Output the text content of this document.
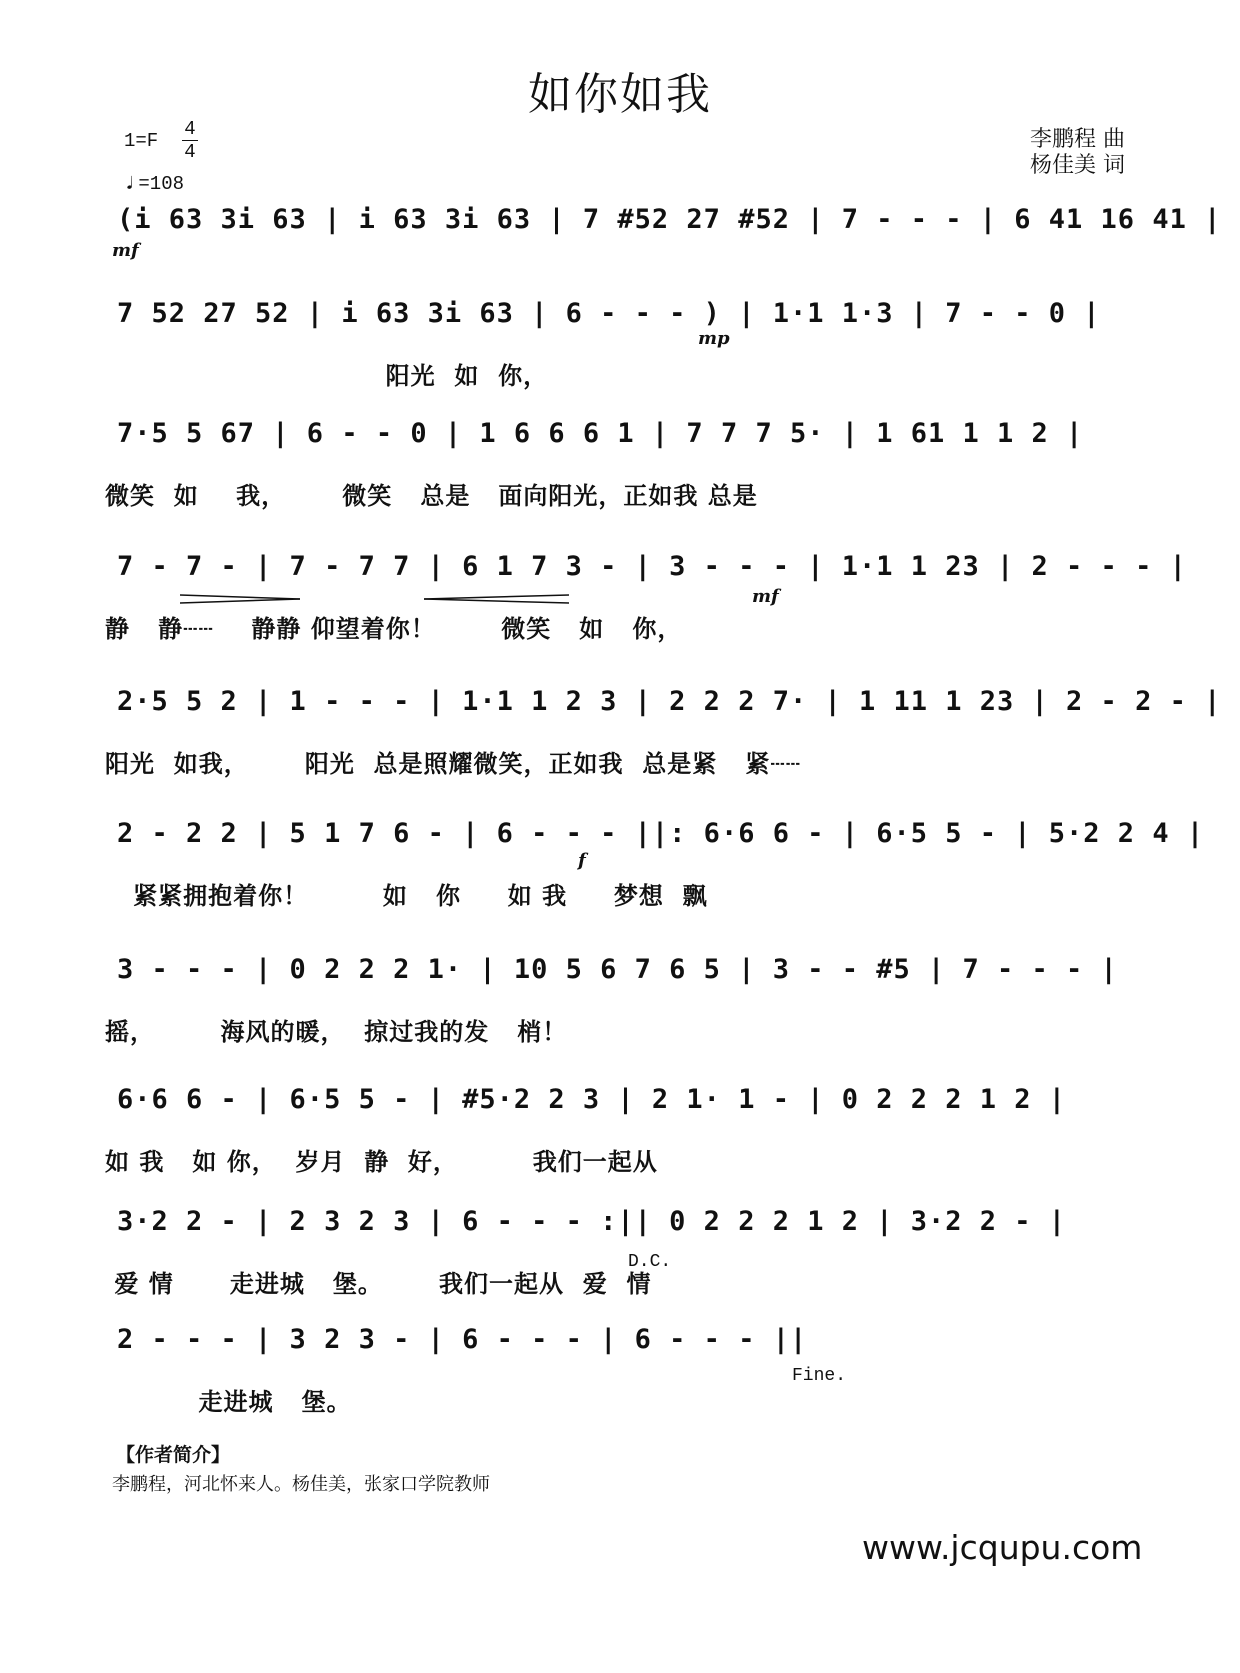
如你如我
1=F
4
4
♩=108
李鹏程 曲
杨佳美 词
(i 63 3i 63 | i 63 3i 63 | 7 #52 27 #52 | 7 - - - | 6 41 16 41 |
mf
7 52 27 52 | i 63 3i 63 | 6 - - - ) | 1·1 1·3 | 7 - - 0 |
阳光  如  你，
mp
7·5 5 67 | 6 - - 0 | 1 6 6 6 1 | 7 7 7 5· | 1 61 1 1 2 |
微笑  如    我，      微笑   总是   面向阳光，正如我 总是
7 - 7 - | 7 - 7 7 | 6 1 7 3 - | 3 - - - | 1·1 1 23 | 2 - - - |
静   静┄┄    静静 仰望着你！       微笑   如   你，
mf
2·5 5 2 | 1 - - - | 1·1 1 2 3 | 2 2 2 7· | 1 11 1 23 | 2 - 2 - |
阳光  如我，      阳光  总是照耀微笑，正如我  总是紧   紧┄┄
2 - 2 2 | 5 1 7 6 - | 6 - - - ||: 6·6 6 - | 6·5 5 - | 5·2 2 4 |
紧紧拥抱着你！        如   你     如 我     梦想  飘
f
3 - - - | 0 2 2 2 1· | 10 5 6 7 6 5 | 3 - - #5 | 7 - - - |
摇，       海风的暖，  掠过我的发   梢！
6·6 6 - | 6·5 5 - | #5·2 2 3 | 2 1· 1 - | 0 2 2 2 1 2 |
如 我   如 你，  岁月  静  好，        我们一起从
3·2 2 - | 2 3 2 3 | 6 - - - :|| 0 2 2 2 1 2 | 3·2 2 - |
爱 情      走进城   堡。      我们一起从  爱  情
D.C.
2 - - - | 3 2 3 - | 6 - - - | 6 - - - ||
走进城   堡。
Fine.
【作者简介】
李鹏程，河北怀来人。杨佳美，张家口学院教师
www.jcqupu.com
